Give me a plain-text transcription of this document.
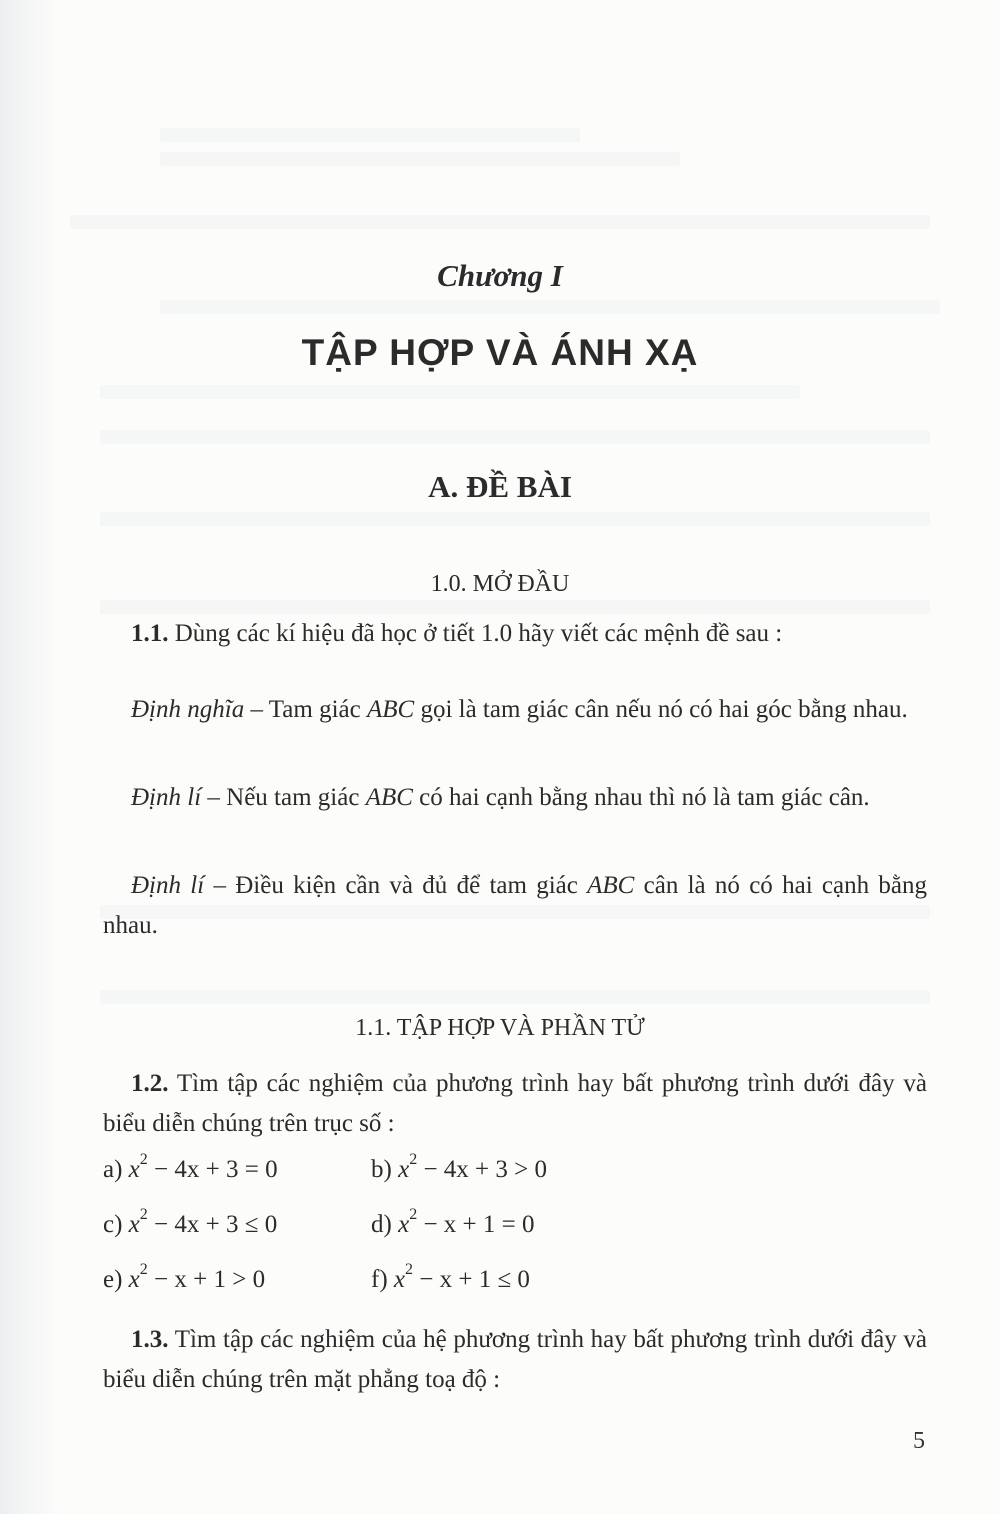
Chương I
TẬP HỢP VÀ ÁNH XẠ
A. ĐỀ BÀI
1.0. MỞ ĐẦU
1.1. Dùng các kí hiệu đã học ở tiết 1.0 hãy viết các mệnh đề sau :
Định nghĩa – Tam giác ABC gọi là tam giác cân nếu nó có hai góc bằng nhau.
Định lí – Nếu tam giác ABC có hai cạnh bằng nhau thì nó là tam giác cân.
Định lí – Điều kiện cần và đủ để tam giác ABC cân là nó có hai cạnh bằng nhau.
1.1. TẬP HỢP VÀ PHẦN TỬ
1.2. Tìm tập các nghiệm của phương trình hay bất phương trình dưới đây và biểu diễn chúng trên trục số :
a) $x^2 - 4x + 3 = 0$	b) $x^2 - 4x + 3 > 0$
c) $x^2 - 4x + 3 \le 0$	d) $x^2 - x + 1 = 0$
e) $x^2 - x + 1 > 0$	f) $x^2 - x + 1 \le 0$
1.3. Tìm tập các nghiệm của hệ phương trình hay bất phương trình dưới đây và biểu diễn chúng trên mặt phẳng toạ độ :
5
